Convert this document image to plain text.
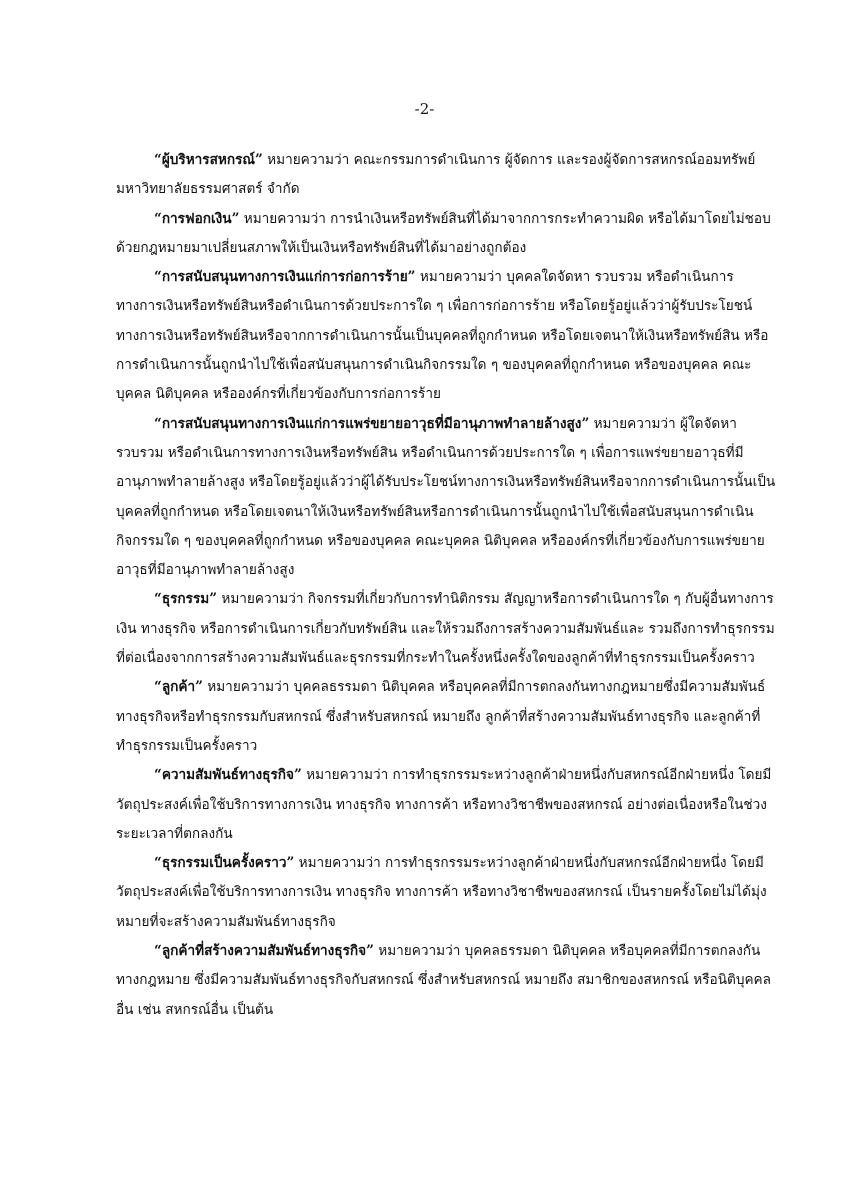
-2-

“ผู้บริหารสหกรณ์” หมายความว่า คณะกรรมการดำเนินการ ผู้จัดการ และรองผู้จัดการสหกรณ์ออมทรัพย์มหาวิทยาลัยธรรมศาสตร์ จำกัด

“การฟอกเงิน” หมายความว่า การนำเงินหรือทรัพย์สินที่ได้มาจากการกระทำความผิด หรือได้มาโดยไม่ชอบด้วยกฎหมายมาเปลี่ยนสภาพให้เป็นเงินหรือทรัพย์สินที่ได้มาอย่างถูกต้อง

“การสนับสนุนทางการเงินแก่การก่อการร้าย” หมายความว่า บุคคลใดจัดหา รวบรวม หรือดำเนินการทางการเงินหรือทรัพย์สินหรือดำเนินการด้วยประการใด ๆ เพื่อการก่อการร้าย หรือโดยรู้อยู่แล้วว่าผู้รับประโยชน์ทางการเงินหรือทรัพย์สินหรือจากการดำเนินการนั้นเป็นบุคคลที่ถูกกำหนด หรือโดยเจตนาให้เงินหรือทรัพย์สิน หรือการดำเนินการนั้นถูกนำไปใช้เพื่อสนับสนุนการดำเนินกิจกรรมใด ๆ ของบุคคลที่ถูกกำหนด หรือของบุคคล คณะบุคคล นิติบุคคล หรือองค์กรที่เกี่ยวข้องกับการก่อการร้าย

“การสนับสนุนทางการเงินแก่การแพร่ขยายอาวุธที่มีอานุภาพทำลายล้างสูง” หมายความว่า ผู้ใดจัดหารวบรวม หรือดำเนินการทางการเงินหรือทรัพย์สิน หรือดำเนินการด้วยประการใด ๆ เพื่อการแพร่ขยายอาวุธที่มีอานุภาพทำลายล้างสูง หรือโดยรู้อยู่แล้วว่าผู้ได้รับประโยชน์ทางการเงินหรือทรัพย์สินหรือจากการดำเนินการนั้นเป็นบุคคลที่ถูกกำหนด หรือโดยเจตนาให้เงินหรือทรัพย์สินหรือการดำเนินการนั้นถูกนำไปใช้เพื่อสนับสนุนการดำเนินกิจกรรมใด ๆ ของบุคคลที่ถูกกำหนด หรือของบุคคล คณะบุคคล นิติบุคคล หรือองค์กรที่เกี่ยวข้องกับการแพร่ขยายอาวุธที่มีอานุภาพทำลายล้างสูง

“ธุรกรรม” หมายความว่า กิจกรรมที่เกี่ยวกับการทำนิติกรรม สัญญาหรือการดำเนินการใด ๆ กับผู้อื่นทางการเงิน ทางธุรกิจ หรือการดำเนินการเกี่ยวกับทรัพย์สิน และให้รวมถึงการสร้างความสัมพันธ์และ รวมถึงการทำธุรกรรมที่ต่อเนื่องจากการสร้างความสัมพันธ์และธุรกรรมที่กระทำในครั้งหนึ่งครั้งใดของลูกค้าที่ทำธุรกรรมเป็นครั้งคราว

“ลูกค้า” หมายความว่า บุคคลธรรมดา นิติบุคคล หรือบุคคลที่มีการตกลงกันทางกฎหมายซึ่งมีความสัมพันธ์ทางธุรกิจหรือทำธุรกรรมกับสหกรณ์ ซึ่งสำหรับสหกรณ์ หมายถึง ลูกค้าที่สร้างความสัมพันธ์ทางธุรกิจ และลูกค้าที่ทำธุรกรรมเป็นครั้งคราว

“ความสัมพันธ์ทางธุรกิจ” หมายความว่า การทำธุรกรรมระหว่างลูกค้าฝ่ายหนึ่งกับสหกรณ์อีกฝ่ายหนึ่ง โดยมีวัตถุประสงค์เพื่อใช้บริการทางการเงิน ทางธุรกิจ ทางการค้า หรือทางวิชาชีพของสหกรณ์ อย่างต่อเนื่องหรือในช่วงระยะเวลาที่ตกลงกัน

“ธุรกรรมเป็นครั้งคราว” หมายความว่า การทำธุรกรรมระหว่างลูกค้าฝ่ายหนึ่งกับสหกรณ์อีกฝ่ายหนึ่ง โดยมีวัตถุประสงค์เพื่อใช้บริการทางการเงิน ทางธุรกิจ ทางการค้า หรือทางวิชาชีพของสหกรณ์ เป็นรายครั้งโดยไม่ได้มุ่งหมายที่จะสร้างความสัมพันธ์ทางธุรกิจ

“ลูกค้าที่สร้างความสัมพันธ์ทางธุรกิจ” หมายความว่า บุคคลธรรมดา นิติบุคคล หรือบุคคลที่มีการตกลงกันทางกฎหมาย ซึ่งมีความสัมพันธ์ทางธุรกิจกับสหกรณ์ ซึ่งสำหรับสหกรณ์ หมายถึง สมาชิกของสหกรณ์ หรือนิติบุคคลอื่น เช่น สหกรณ์อื่น เป็นต้น
